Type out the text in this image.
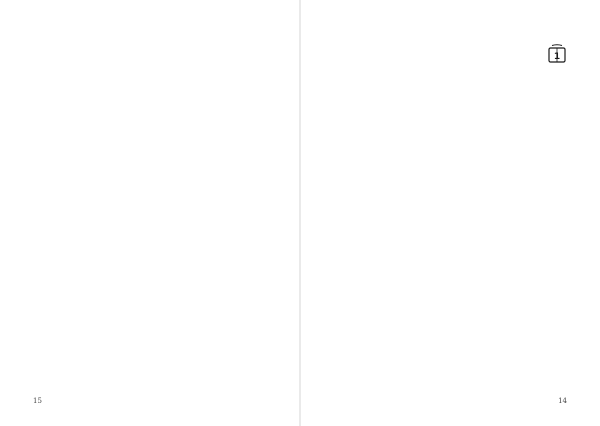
15
1

14
